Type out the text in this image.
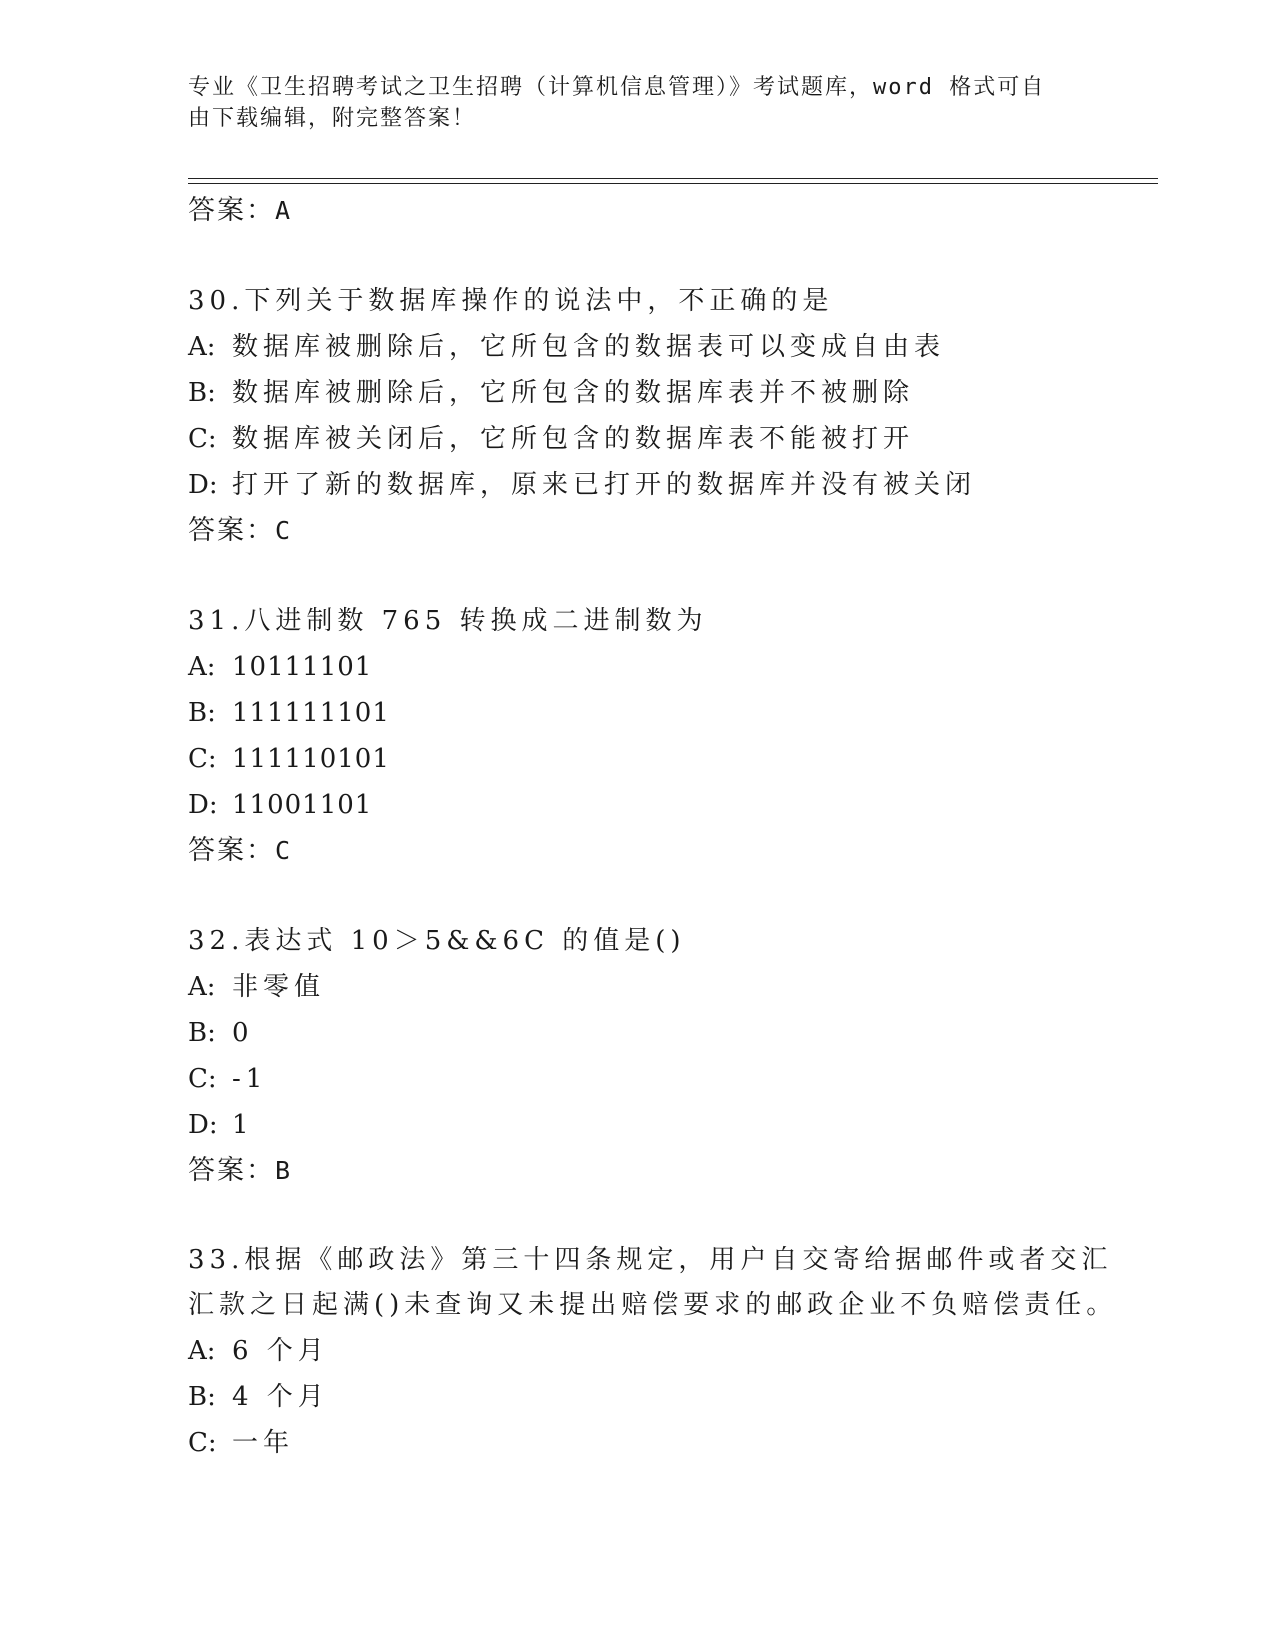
专业《卫生招聘考试之卫生招聘（计算机信息管理）》考试题库，word 格式可自由下载编辑，附完整答案！
答案：A
30.下列关于数据库操作的说法中，不正确的是
A: 数据库被删除后，它所包含的数据表可以变成自由表
B: 数据库被删除后，它所包含的数据库表并不被删除
C: 数据库被关闭后，它所包含的数据库表不能被打开
D: 打开了新的数据库，原来已打开的数据库并没有被关闭
答案：C
31.八进制数 765 转换成二进制数为
A: 10111101
B: 111111101
C: 111110101
D: 11001101
答案：C
32.表达式 10＞5&&6C 的值是()
A: 非零值
B: 0
C: -1
D: 1
答案：B
33.根据《邮政法》第三十四条规定，用户自交寄给据邮件或者交汇汇款之日起满()未查询又未提出赔偿要求的邮政企业不负赔偿责任。
A: 6 个月
B: 4 个月
C: 一年
